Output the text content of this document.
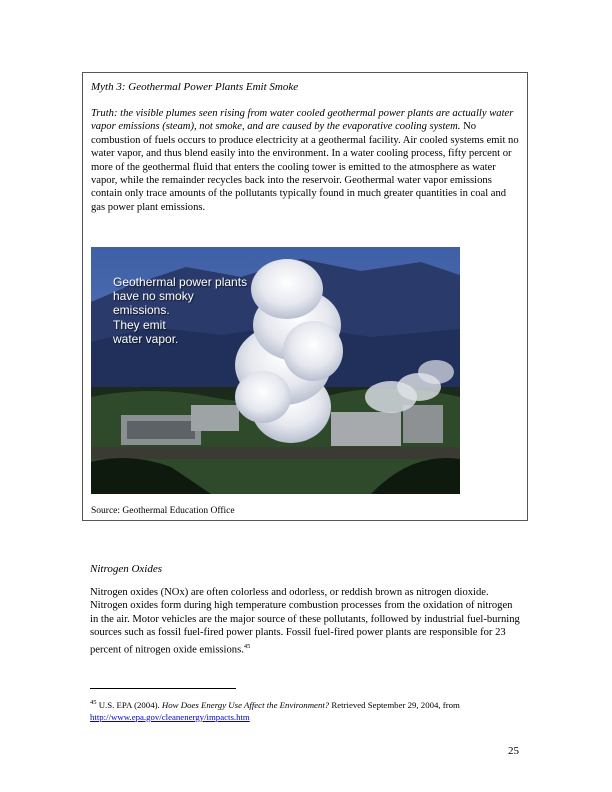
Myth 3: Geothermal Power Plants Emit Smoke

Truth: the visible plumes seen rising from water cooled geothermal power plants are actually water vapor emissions (steam), not smoke, and are caused by the evaporative cooling system. No combustion of fuels occurs to produce electricity at a geothermal facility. Air cooled systems emit no water vapor, and thus blend easily into the environment. In a water cooling process, fifty percent or more of the geothermal fluid that enters the cooling tower is emitted to the atmosphere as water vapor, while the remainder recycles back into the reservoir. Geothermal water vapor emissions contain only trace amounts of the pollutants typically found in much greater quantities in coal and gas power plant emissions.

Geothermal power plants
have no smoky
emissions.
They emit
water vapor.
Source: Geothermal Education Office
Nitrogen Oxides

Nitrogen oxides (NOx) are often colorless and odorless, or reddish brown as nitrogen dioxide. Nitrogen oxides form during high temperature combustion processes from the oxidation of nitrogen in the air. Motor vehicles are the major source of these pollutants, followed by industrial fuel-burning sources such as fossil fuel-fired power plants. Fossil fuel-fired power plants are responsible for 23 percent of nitrogen oxide emissions.$^{45}$

$^{45}$ U.S. EPA (2004). How Does Energy Use Affect the Environment? Retrieved September 29, 2004, from
http://www.epa.gov/cleanenergy/impacts.htm

25
